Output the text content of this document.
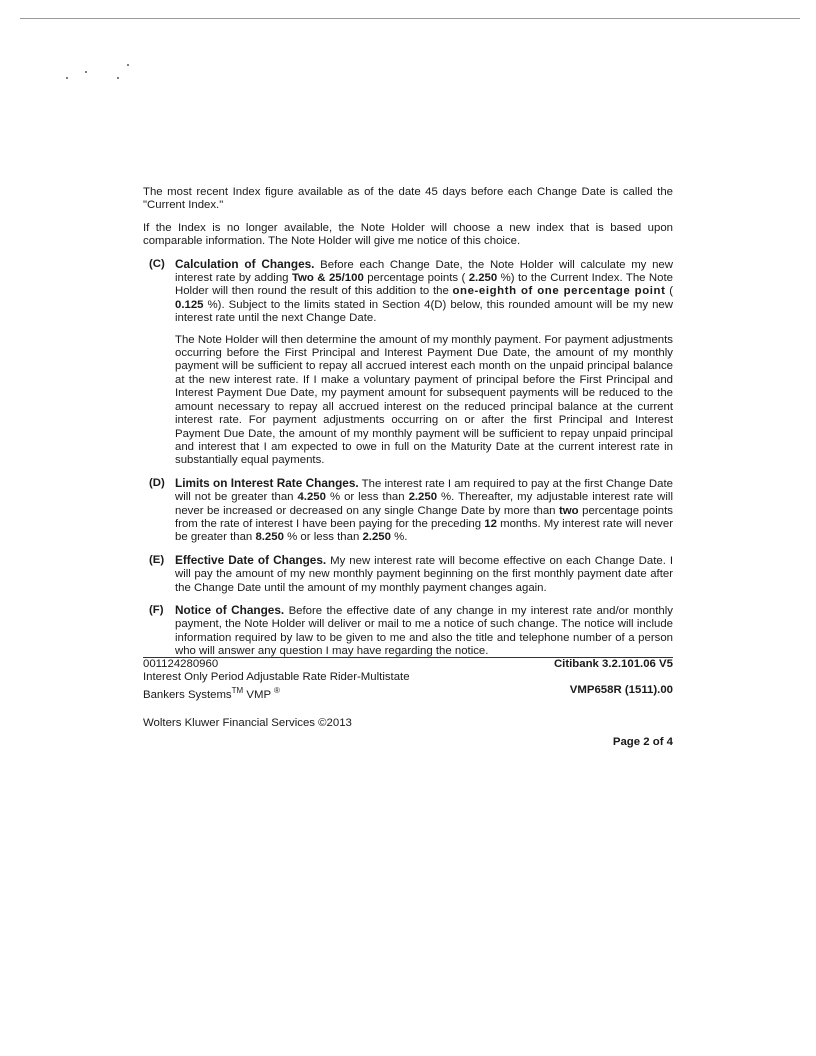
The most recent Index figure available as of the date 45 days before each Change Date is called the "Current Index."

If the Index is no longer available, the Note Holder will choose a new index that is based upon comparable information. The Note Holder will give me notice of this choice.

(C) Calculation of Changes. Before each Change Date, the Note Holder will calculate my new interest rate by adding Two & 25/100 percentage points ( 2.250 %) to the Current Index. The Note Holder will then round the result of this addition to the one-eighth of one percentage point ( 0.125 %). Subject to the limits stated in Section 4(D) below, this rounded amount will be my new interest rate until the next Change Date.

The Note Holder will then determine the amount of my monthly payment. For payment adjustments occurring before the First Principal and Interest Payment Due Date, the amount of my monthly payment will be sufficient to repay all accrued interest each month on the unpaid principal balance at the new interest rate. If I make a voluntary payment of principal before the First Principal and Interest Payment Due Date, my payment amount for subsequent payments will be reduced to the amount necessary to repay all accrued interest on the reduced principal balance at the current interest rate. For payment adjustments occurring on or after the first Principal and Interest Payment Due Date, the amount of my monthly payment will be sufficient to repay unpaid principal and interest that I am expected to owe in full on the Maturity Date at the current interest rate in substantially equal payments.

(D) Limits on Interest Rate Changes. The interest rate I am required to pay at the first Change Date will not be greater than 4.250 % or less than 2.250 %. Thereafter, my adjustable interest rate will never be increased or decreased on any single Change Date by more than two percentage points from the rate of interest I have been paying for the preceding 12 months. My interest rate will never be greater than 8.250 % or less than 2.250 %.

(E) Effective Date of Changes. My new interest rate will become effective on each Change Date. I will pay the amount of my new monthly payment beginning on the first monthly payment date after the Change Date until the amount of my monthly payment changes again.

(F) Notice of Changes. Before the effective date of any change in my interest rate and/or monthly payment, the Note Holder will deliver or mail to me a notice of such change. The notice will include information required by law to be given to me and also the title and telephone number of a person who will answer any question I may have regarding the notice.

001124280960	Citibank 3.2.101.06 V5
Interest Only Period Adjustable Rate Rider-Multistate
Bankers Systems™ VMP ®	VMP658R (1511).00
Wolters Kluwer Financial Services ©2013
Page 2 of 4
